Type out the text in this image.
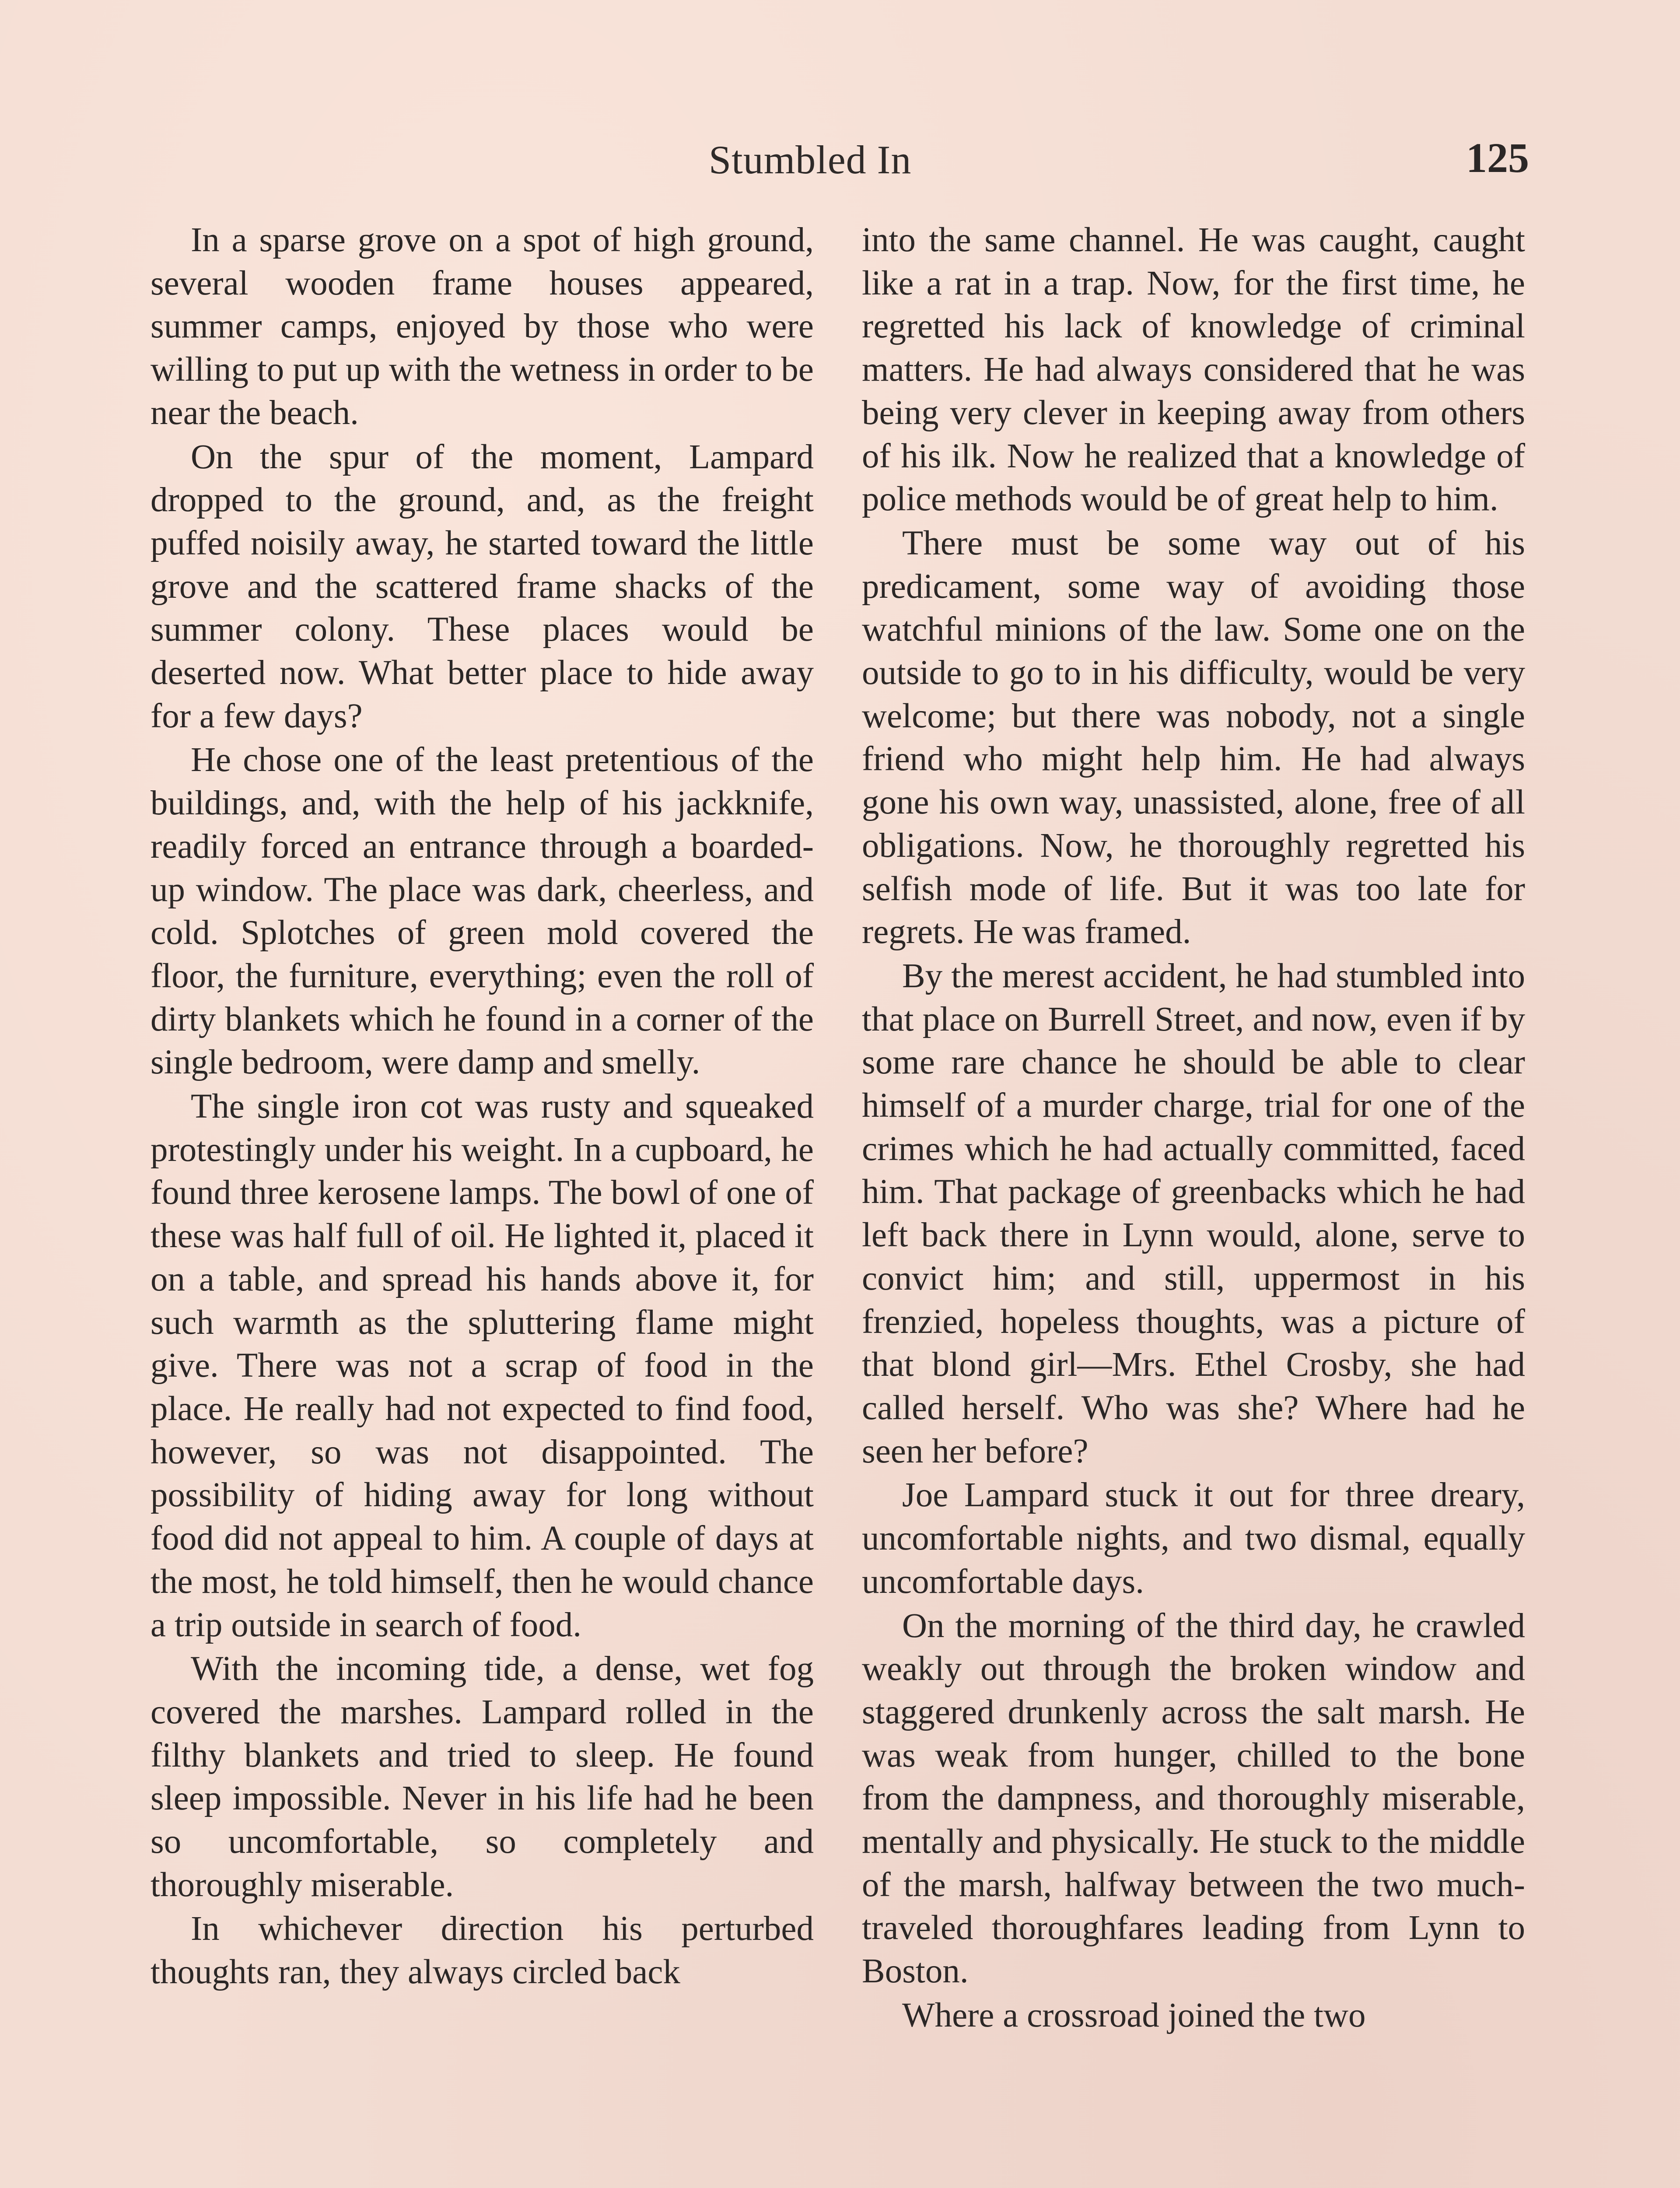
Stumbled In	125

In a sparse grove on a spot of high ground, several wooden frame houses appeared, summer camps, enjoyed by those who were willing to put up with the wetness in order to be near the beach.

On the spur of the moment, Lampard dropped to the ground, and, as the freight puffed noisily away, he started toward the little grove and the scattered frame shacks of the summer colony. These places would be deserted now. What better place to hide away for a few days?

He chose one of the least pretentious of the buildings, and, with the help of his jackknife, readily forced an entrance through a boarded-up window. The place was dark, cheerless, and cold. Splotches of green mold covered the floor, the furniture, everything; even the roll of dirty blankets which he found in a corner of the single bedroom, were damp and smelly.

The single iron cot was rusty and squeaked protestingly under his weight. In a cupboard, he found three kerosene lamps. The bowl of one of these was half full of oil. He lighted it, placed it on a table, and spread his hands above it, for such warmth as the spluttering flame might give. There was not a scrap of food in the place. He really had not expected to find food, however, so was not disappointed. The possibility of hiding away for long without food did not appeal to him. A couple of days at the most, he told himself, then he would chance a trip outside in search of food.

With the incoming tide, a dense, wet fog covered the marshes. Lampard rolled in the filthy blankets and tried to sleep. He found sleep impossible. Never in his life had he been so uncomfortable, so completely and thoroughly miserable.

In whichever direction his perturbed thoughts ran, they always circled back

into the same channel. He was caught, caught like a rat in a trap. Now, for the first time, he regretted his lack of knowledge of criminal matters. He had always considered that he was being very clever in keeping away from others of his ilk. Now he realized that a knowledge of police methods would be of great help to him.

There must be some way out of his predicament, some way of avoiding those watchful minions of the law. Some one on the outside to go to in his difficulty, would be very welcome; but there was nobody, not a single friend who might help him. He had always gone his own way, unassisted, alone, free of all obligations. Now, he thoroughly regretted his selfish mode of life. But it was too late for regrets. He was framed.

By the merest accident, he had stumbled into that place on Burrell Street, and now, even if by some rare chance he should be able to clear himself of a murder charge, trial for one of the crimes which he had actually committed, faced him. That package of greenbacks which he had left back there in Lynn would, alone, serve to convict him; and still, uppermost in his frenzied, hopeless thoughts, was a picture of that blond girl—Mrs. Ethel Crosby, she had called herself. Who was she? Where had he seen her before?

Joe Lampard stuck it out for three dreary, uncomfortable nights, and two dismal, equally uncomfortable days.

On the morning of the third day, he crawled weakly out through the broken window and staggered drunkenly across the salt marsh. He was weak from hunger, chilled to the bone from the dampness, and thoroughly miserable, mentally and physically. He stuck to the middle of the marsh, halfway between the two much-traveled thoroughfares leading from Lynn to Boston.

Where a crossroad joined the two
